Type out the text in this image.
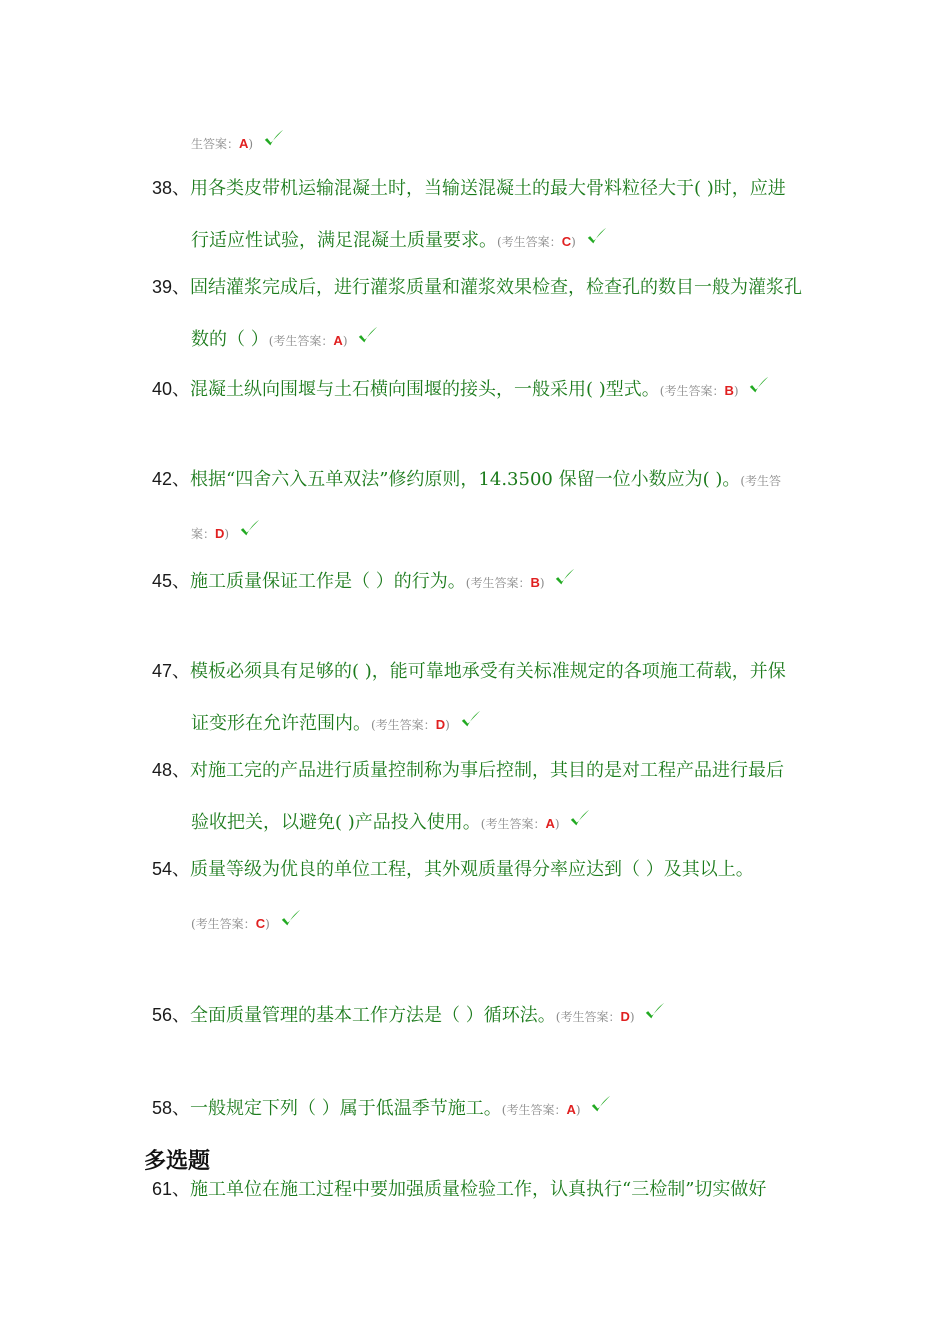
生答案：A)
38、用各类皮带机运输混凝土时，当输送混凝土的最大骨料粒径大于( )时，应进
行适应性试验，满足混凝土质量要求。(考生答案：C)
39、固结灌浆完成后，进行灌浆质量和灌浆效果检查，检查孔的数目一般为灌浆孔
数的（ ）(考生答案：A)
40、混凝土纵向围堰与土石横向围堰的接头，一般采用( )型式。(考生答案：B)
42、根据“四舍六入五单双法”修约原则，14.3500 保留一位小数应为( )。(考生答
案：D)
45、施工质量保证工作是（ ）的行为。(考生答案：B)
47、模板必须具有足够的( )，能可靠地承受有关标准规定的各项施工荷载，并保
证变形在允许范围内。(考生答案：D)
48、对施工完的产品进行质量控制称为事后控制，其目的是对工程产品进行最后
验收把关，以避免( )产品投入使用。(考生答案：A)
54、质量等级为优良的单位工程，其外观质量得分率应达到（ ）及其以上。
(考生答案：C)
56、全面质量管理的基本工作方法是（ ）循环法。(考生答案：D)
58、一般规定下列（ ）属于低温季节施工。(考生答案：A)
多选题
61、施工单位在施工过程中要加强质量检验工作，认真执行“三检制”切实做好
